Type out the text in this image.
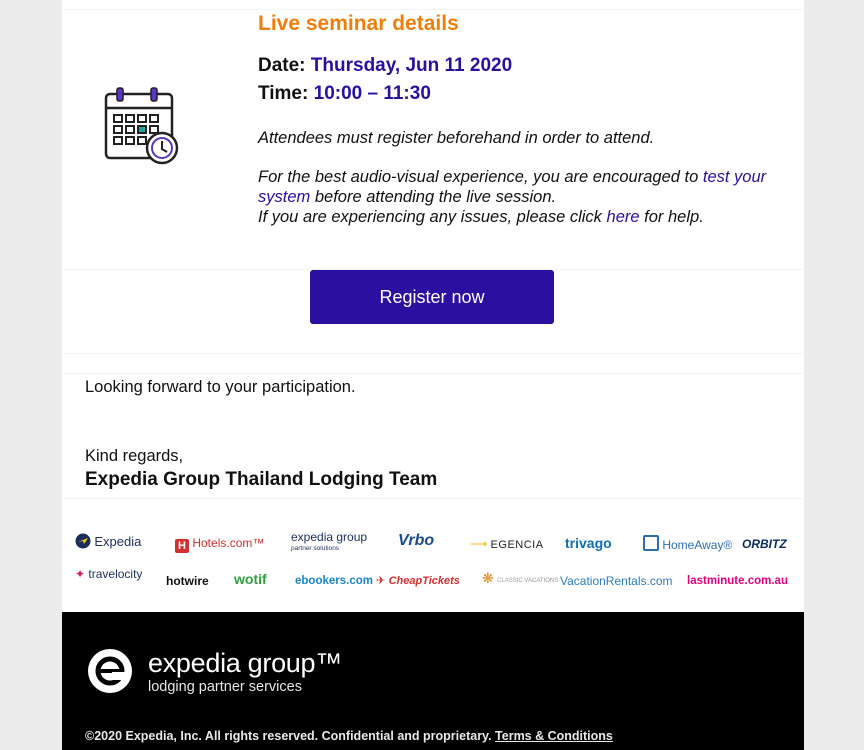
Live seminar details
Date: Thursday, Jun 11 2020
Time: 10:00 – 11:30
Attendees must register beforehand in order to attend.
For the best audio-visual experience, you are encouraged to test your system before attending the live session.
If you are experiencing any issues, please click here for help.
Register now
Looking forward to your participation.
Kind regards,
Expedia Group Thailand Lodging Team
Expedia	H Hotels.com™ expedia group
partner solutions	Vrbo	⟶ EGENCIA trivago	HomeAway® ORBITZ
✦ travelocity hotwire wotif ebookers.com ✈ CheapTickets ❋ CLASSIC VACATIONS VacationRentals.com lastminute.com.au
expedia group™
lodging partner services
©2020 Expedia, Inc. All rights reserved. Confidential and proprietary. Terms & Conditions
